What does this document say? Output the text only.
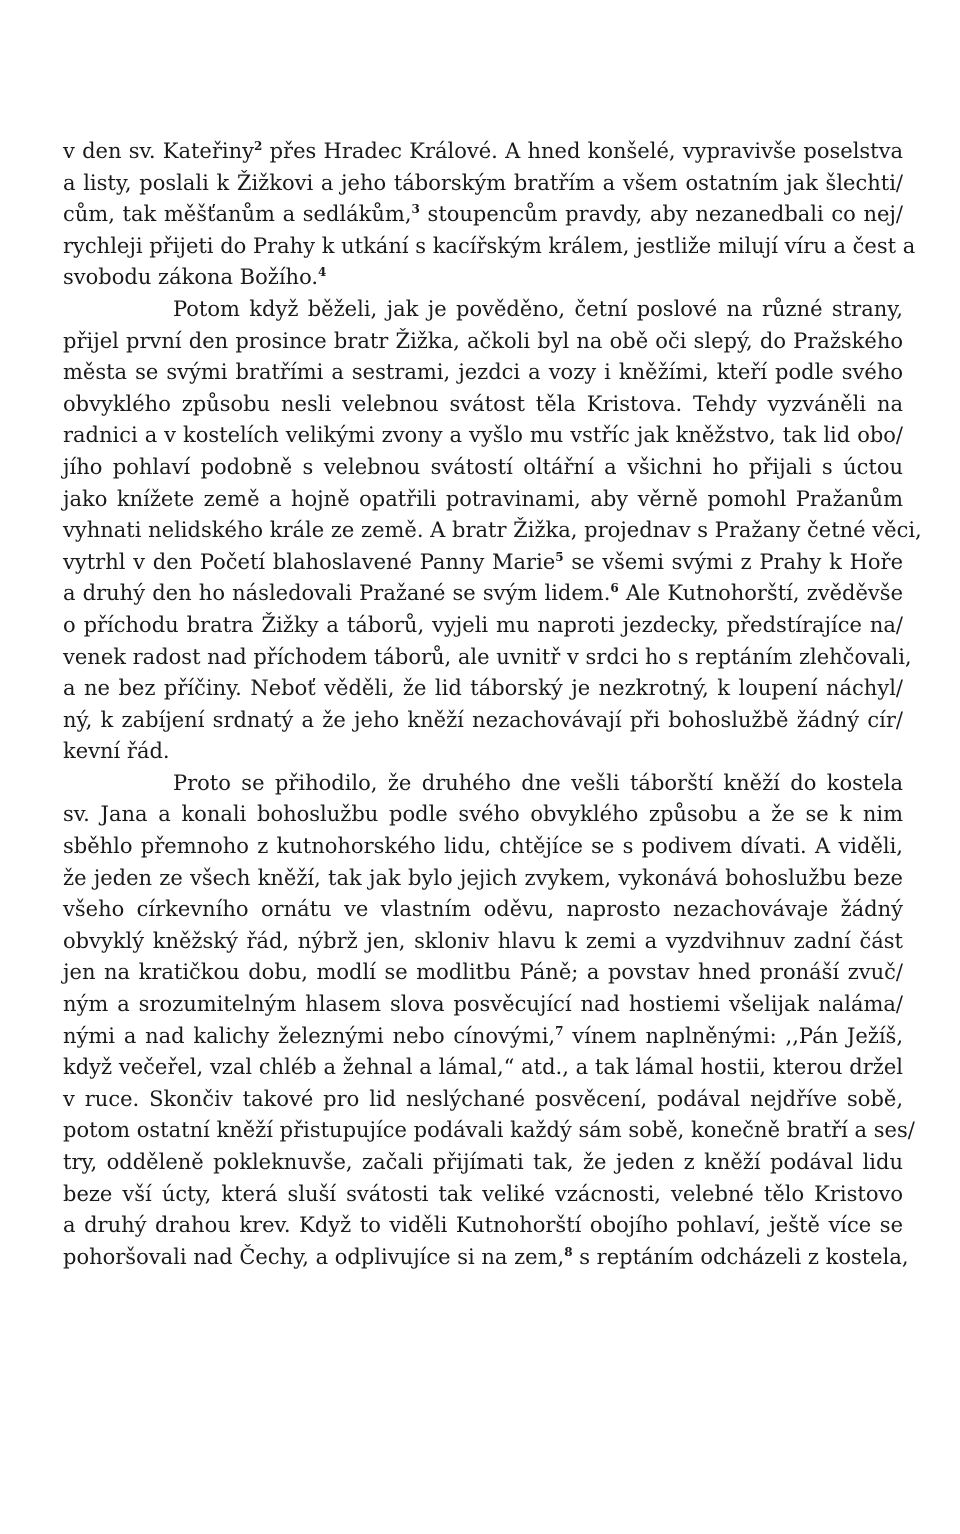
v den sv. Kateřiny$^2$ přes Hradec Králové. A hned konšelé, vypravivše poselstva
a listy, poslali k Žižkovi a jeho táborským bratřím a všem ostatním jak šlechti/
cům, tak měšťanům a sedlákům,$^3$ stoupencům pravdy, aby nezanedbali co nej/
rychleji přijeti do Prahy k utkání s kacířským králem, jestliže milují víru a čest a
svobodu zákona Božího.$^4$
Potom když běželi, jak je pověděno, četní poslové na různé strany,
přijel první den prosince bratr Žižka, ačkoli byl na obě oči slepý, do Pražského
města se svými bratřími a sestrami, jezdci a vozy i kněžími, kteří podle svého
obvyklého způsobu nesli velebnou svátost těla Kristova. Tehdy vyzváněli na
radnici a v kostelích velikými zvony a vyšlo mu vstříc jak kněžstvo, tak lid obo/
jího pohlaví podobně s velebnou svátostí oltářní a všichni ho přijali s úctou
jako knížete země a hojně opatřili potravinami, aby věrně pomohl Pražanům
vyhnati nelidského krále ze země. A bratr Žižka, projednav s Pražany četné věci,
vytrhl v den Početí blahoslavené Panny Marie$^5$ se všemi svými z Prahy k Hoře
a druhý den ho následovali Pražané se svým lidem.$^6$ Ale Kutnohorští, zvěděvše
o příchodu bratra Žižky a táborů, vyjeli mu naproti jezdecky, předstírajíce na/
venek radost nad příchodem táborů, ale uvnitř v srdci ho s reptáním zlehčovali,
a ne bez příčiny. Neboť věděli, že lid táborský je nezkrotný, k loupení náchyl/
ný, k zabíjení srdnatý a že jeho kněží nezachovávají při bohoslužbě žádný cír/
kevní řád.
Proto se přihodilo, že druhého dne vešli táborští kněží do kostela
sv. Jana a konali bohoslužbu podle svého obvyklého způsobu a že se k nim
sběhlo přemnoho z kutnohorského lidu, chtějíce se s podivem dívati. A viděli,
že jeden ze všech kněží, tak jak bylo jejich zvykem, vykonává bohoslužbu beze
všeho církevního ornátu ve vlastním oděvu, naprosto nezachovávaje žádný
obvyklý kněžský řád, nýbrž jen, skloniv hlavu k zemi a vyzdvihnuv zadní část
jen na kratičkou dobu, modlí se modlitbu Páně; a povstav hned pronáší zvuč/
ným a srozumitelným hlasem slova posvěcující nad hostiemi všelijak naláma/
nými a nad kalichy železnými nebo cínovými,$^7$ vínem naplněnými: ,,Pán Ježíš,
když večeřel, vzal chléb a žehnal a lámal,“ atd., a tak lámal hostii, kterou držel
v ruce. Skončiv takové pro lid neslýchané posvěcení, podával nejdříve sobě,
potom ostatní kněží přistupujíce podávali každý sám sobě, konečně bratří a ses/
try, odděleně pokleknuvše, začali přijímati tak, že jeden z kněží podával lidu
beze vší úcty, která sluší svátosti tak veliké vzácnosti, velebné tělo Kristovo
a druhý drahou krev. Když to viděli Kutnohorští obojího pohlaví, ještě více se
pohoršovali nad Čechy, a odplivujíce si na zem,$^8$ s reptáním odcházeli z kostela,
